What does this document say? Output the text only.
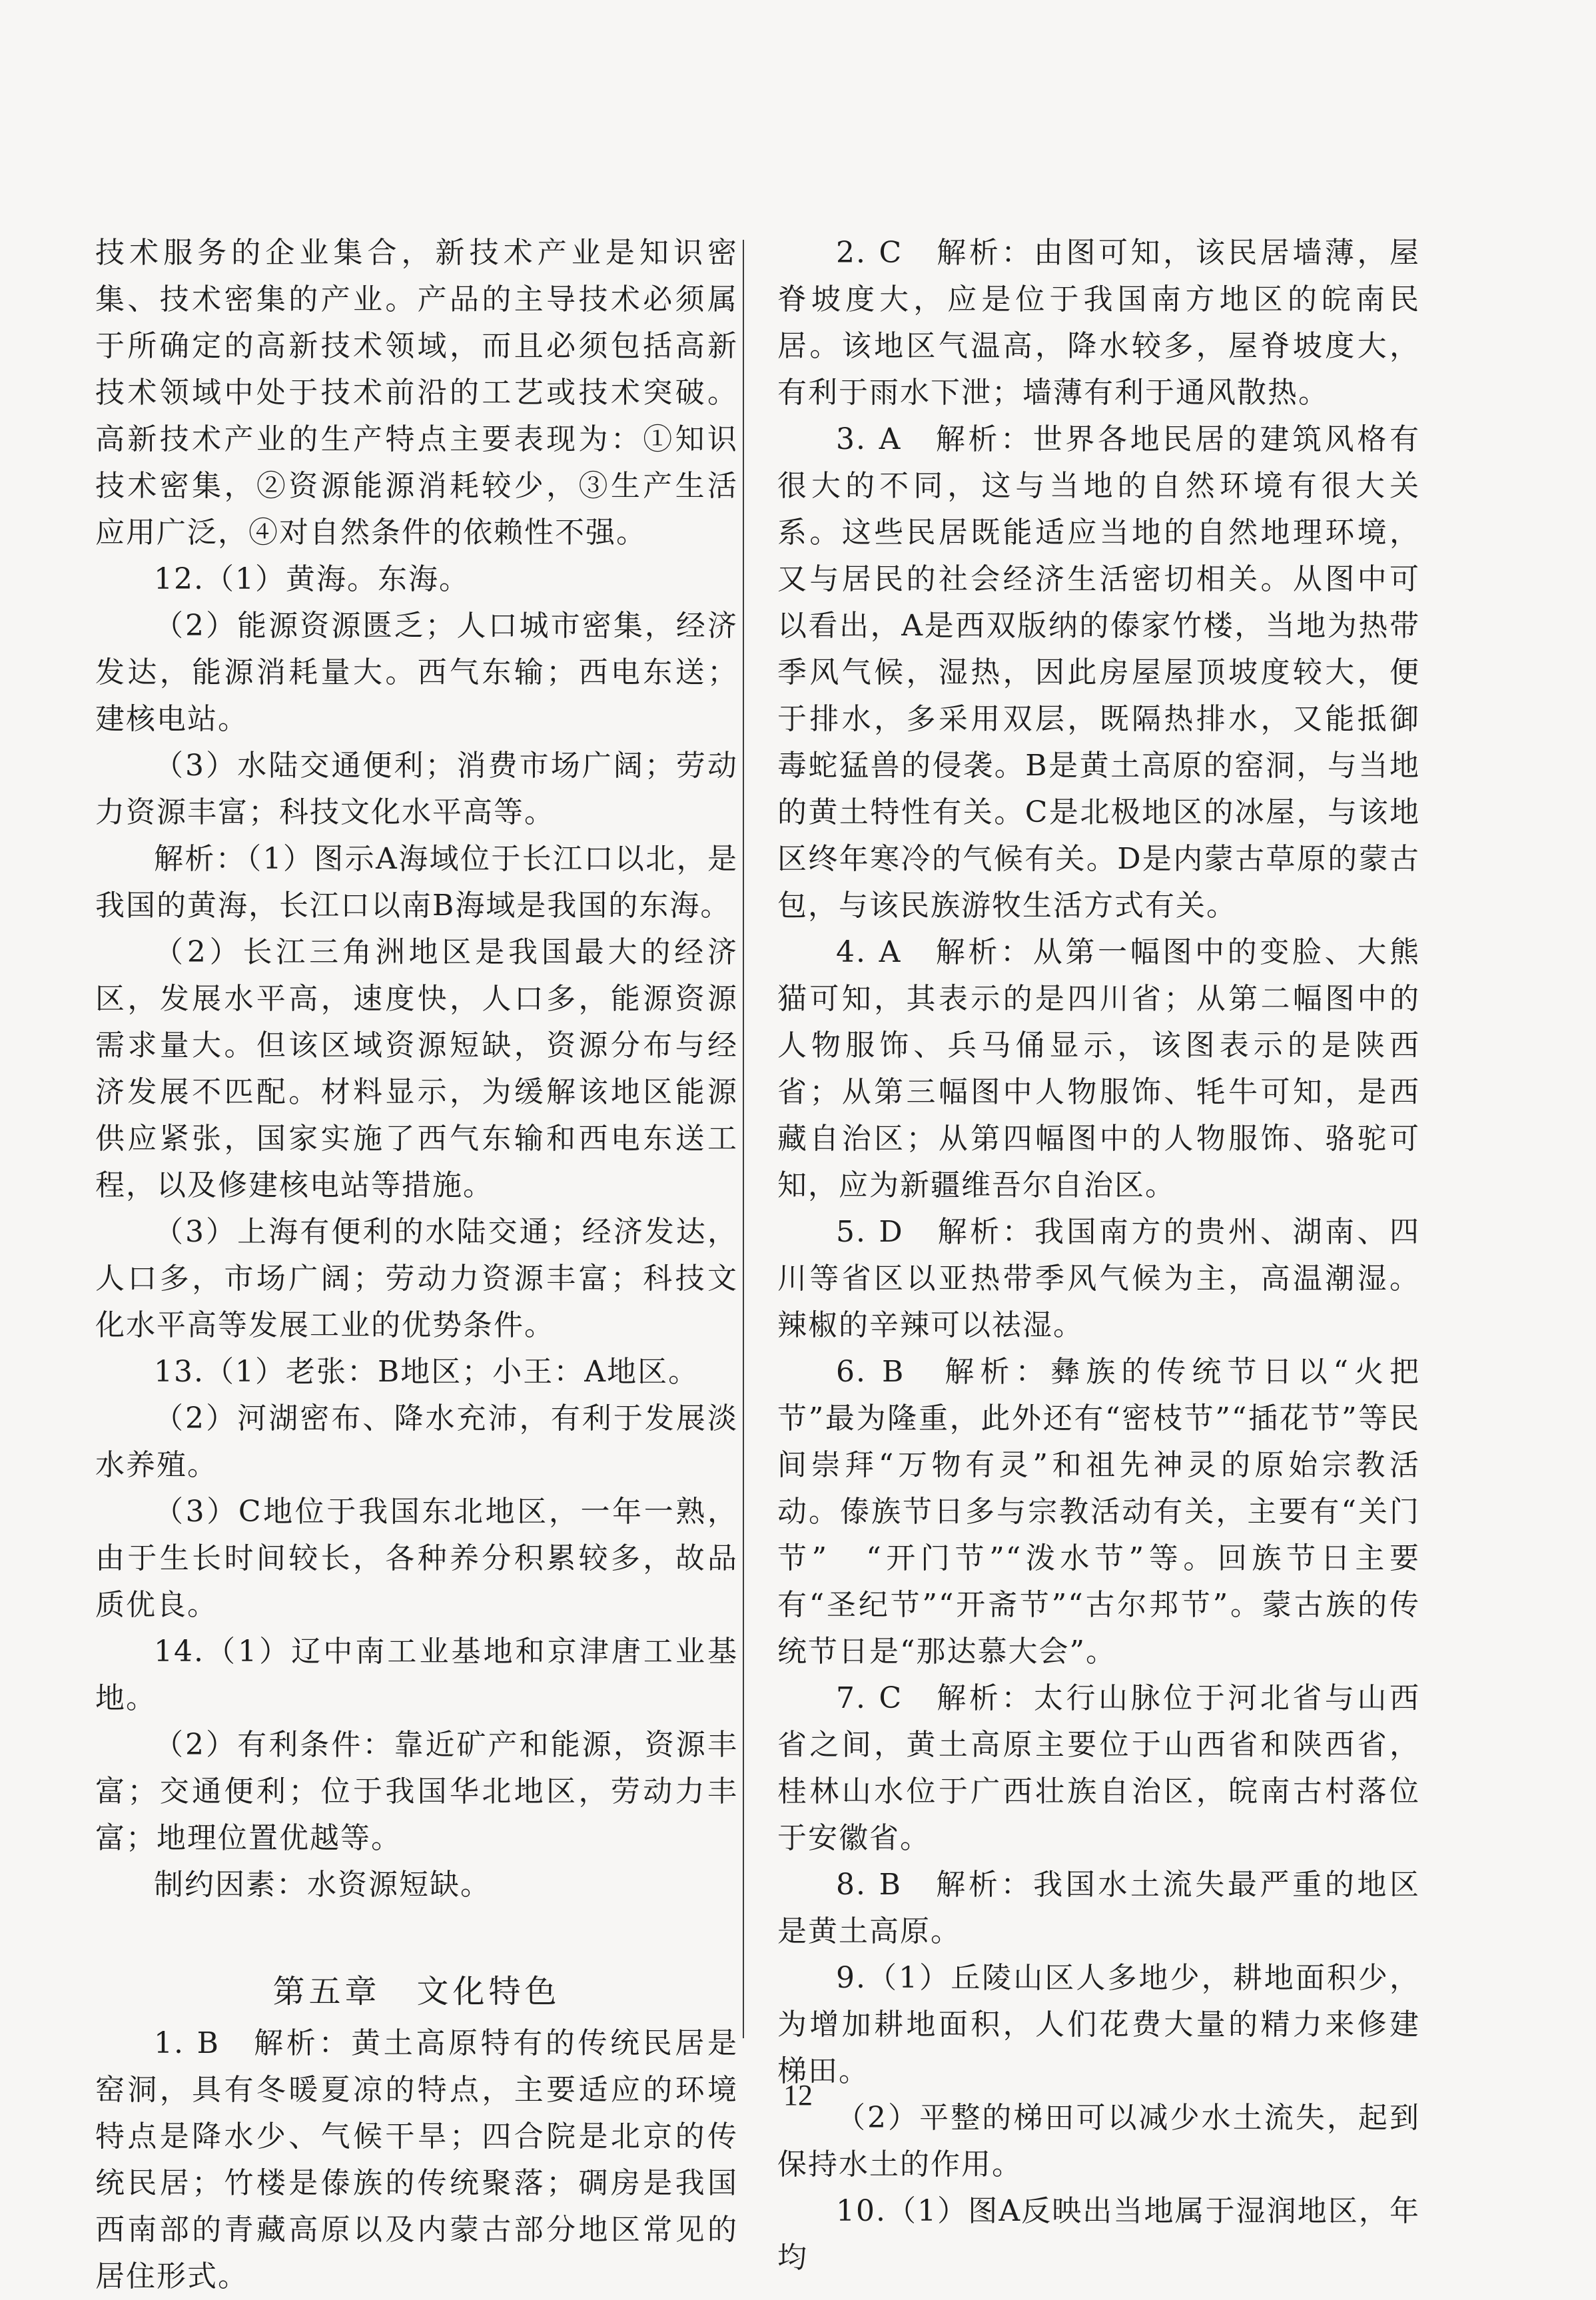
技术服务的企业集合，新技术产业是知识密集、技术密集的产业。产品的主导技术必须属于所确定的高新技术领域，而且必须包括高新技术领域中处于技术前沿的工艺或技术突破。高新技术产业的生产特点主要表现为：①知识技术密集，②资源能源消耗较少，③生产生活应用广泛，④对自然条件的依赖性不强。

12.（1）黄海。东海。

（2）能源资源匮乏；人口城市密集，经济发达，能源消耗量大。西气东输；西电东送；建核电站。

（3）水陆交通便利；消费市场广阔；劳动力资源丰富；科技文化水平高等。

解析：（1）图示A海域位于长江口以北，是我国的黄海，长江口以南B海域是我国的东海。

（2）长江三角洲地区是我国最大的经济区，发展水平高，速度快，人口多，能源资源需求量大。但该区域资源短缺，资源分布与经济发展不匹配。材料显示，为缓解该地区能源供应紧张，国家实施了西气东输和西电东送工程，以及修建核电站等措施。

（3）上海有便利的水陆交通；经济发达，人口多，市场广阔；劳动力资源丰富；科技文化水平高等发展工业的优势条件。

13.（1）老张：B地区；小王：A地区。

（2）河湖密布、降水充沛，有利于发展淡水养殖。

（3）C地位于我国东北地区，一年一熟，由于生长时间较长，各种养分积累较多，故品质优良。

14.（1）辽中南工业基地和京津唐工业基地。

（2）有利条件：靠近矿产和能源，资源丰富；交通便利；位于我国华北地区，劳动力丰富；地理位置优越等。

制约因素：水资源短缺。

第五章　文化特色

1. B　解析：黄土高原特有的传统民居是窑洞，具有冬暖夏凉的特点，主要适应的环境特点是降水少、气候干旱；四合院是北京的传统民居；竹楼是傣族的传统聚落；碉房是我国西南部的青藏高原以及内蒙古部分地区常见的居住形式。

2. C　解析：由图可知，该民居墙薄，屋脊坡度大，应是位于我国南方地区的皖南民居。该地区气温高，降水较多，屋脊坡度大，有利于雨水下泄；墙薄有利于通风散热。

3. A　解析：世界各地民居的建筑风格有很大的不同，这与当地的自然环境有很大关系。这些民居既能适应当地的自然地理环境，又与居民的社会经济生活密切相关。从图中可以看出，A是西双版纳的傣家竹楼，当地为热带季风气候，湿热，因此房屋屋顶坡度较大，便于排水，多采用双层，既隔热排水，又能抵御毒蛇猛兽的侵袭。B是黄土高原的窑洞，与当地的黄土特性有关。C是北极地区的冰屋，与该地区终年寒冷的气候有关。D是内蒙古草原的蒙古包，与该民族游牧生活方式有关。

4. A　解析：从第一幅图中的变脸、大熊猫可知，其表示的是四川省；从第二幅图中的人物服饰、兵马俑显示，该图表示的是陕西省；从第三幅图中人物服饰、牦牛可知，是西藏自治区；从第四幅图中的人物服饰、骆驼可知，应为新疆维吾尔自治区。

5. D　解析：我国南方的贵州、湖南、四川等省区以亚热带季风气候为主，高温潮湿。辣椒的辛辣可以祛湿。

6. B　解析：彝族的传统节日以“火把节”最为隆重，此外还有“密枝节”“插花节”等民间崇拜“万物有灵”和祖先神灵的原始宗教活动。傣族节日多与宗教活动有关，主要有“关门节”　“开门节”“泼水节”等。回族节日主要有“圣纪节”“开斋节”“古尔邦节”。蒙古族的传统节日是“那达慕大会”。

7. C　解析：太行山脉位于河北省与山西省之间，黄土高原主要位于山西省和陕西省，桂林山水位于广西壮族自治区，皖南古村落位于安徽省。

8. B　解析：我国水土流失最严重的地区是黄土高原。

9.（1）丘陵山区人多地少，耕地面积少，为增加耕地面积，人们花费大量的精力来修建梯田。

（2）平整的梯田可以减少水土流失，起到保持水土的作用。

10.（1）图A反映出当地属于湿润地区，年均

12
